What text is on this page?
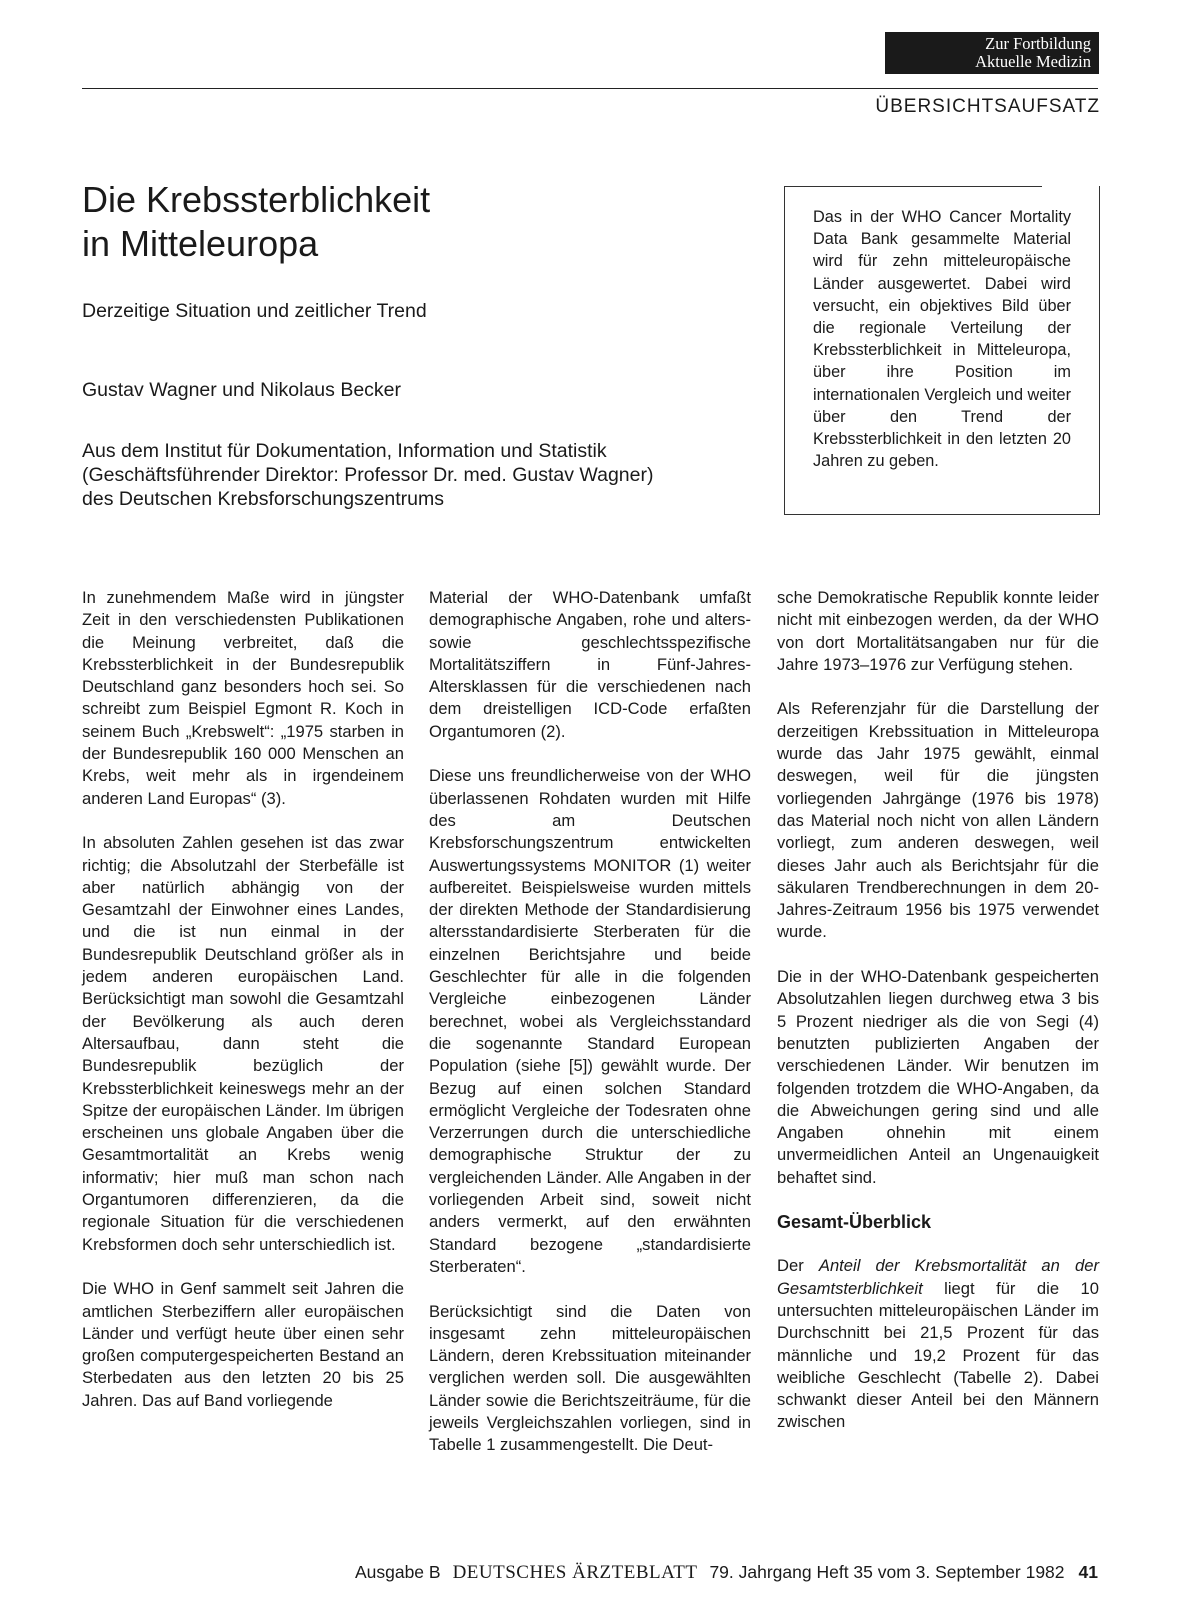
Zur Fortbildung
Aktuelle Medizin
ÜBERSICHTSAUFSATZ
Die Krebssterblichkeit
in Mitteleuropa
Derzeitige Situation und zeitlicher Trend
Gustav Wagner und Nikolaus Becker
Aus dem Institut für Dokumentation, Information und Statistik
(Geschäftsführender Direktor: Professor Dr. med. Gustav Wagner)
des Deutschen Krebsforschungszentrums
Das in der WHO Cancer Mortality Data Bank gesammelte Material wird für zehn mitteleuropäische Länder ausgewertet. Dabei wird versucht, ein objektives Bild über die regionale Verteilung der Krebssterblichkeit in Mitteleuropa, über ihre Position im internationalen Vergleich und weiter über den Trend der Krebssterblichkeit in den letzten 20 Jahren zu geben.

In zunehmendem Maße wird in jüngster Zeit in den verschiedensten Publikationen die Meinung verbreitet, daß die Krebssterblichkeit in der Bundesrepublik Deutschland ganz besonders hoch sei. So schreibt zum Beispiel Egmont R. Koch in seinem Buch „Krebswelt“: „1975 starben in der Bundesrepublik 160 000 Menschen an Krebs, weit mehr als in irgendeinem anderen Land Europas“ (3).

In absoluten Zahlen gesehen ist das zwar richtig; die Absolutzahl der Sterbefälle ist aber natürlich abhängig von der Gesamtzahl der Einwohner eines Landes, und die ist nun einmal in der Bundesrepublik Deutschland größer als in jedem anderen europäischen Land. Berücksichtigt man sowohl die Gesamtzahl der Bevölkerung als auch deren Altersaufbau, dann steht die Bundesrepublik bezüglich der Krebssterblichkeit keineswegs mehr an der Spitze der europäischen Länder. Im übrigen erscheinen uns globale Angaben über die Gesamtmortalität an Krebs wenig informativ; hier muß man schon nach Organtumoren differenzieren, da die regionale Situation für die verschiedenen Krebsformen doch sehr unterschiedlich ist.

Die WHO in Genf sammelt seit Jahren die amtlichen Sterbeziffern aller europäischen Länder und verfügt heute über einen sehr großen computergespeicherten Bestand an Sterbedaten aus den letzten 20 bis 25 Jahren. Das auf Band vorliegende

Material der WHO-Datenbank umfaßt demographische Angaben, rohe und alters- sowie geschlechtsspezifische Mortalitätsziffern in Fünf-Jahres-Altersklassen für die verschiedenen nach dem dreistelligen ICD-Code erfaßten Organtumoren (2).

Diese uns freundlicherweise von der WHO überlassenen Rohdaten wurden mit Hilfe des am Deutschen Krebsforschungszentrum entwickelten Auswertungssystems MONITOR (1) weiter aufbereitet. Beispielsweise wurden mittels der direkten Methode der Standardisierung altersstandardisierte Sterberaten für die einzelnen Berichtsjahre und beide Geschlechter für alle in die folgenden Vergleiche einbezogenen Länder berechnet, wobei als Vergleichsstandard die sogenannte Standard European Population (siehe [5]) gewählt wurde. Der Bezug auf einen solchen Standard ermöglicht Vergleiche der Todesraten ohne Verzerrungen durch die unterschiedliche demographische Struktur der zu vergleichenden Länder. Alle Angaben in der vorliegenden Arbeit sind, soweit nicht anders vermerkt, auf den erwähnten Standard bezogene „standardisierte Sterberaten“.

Berücksichtigt sind die Daten von insgesamt zehn mitteleuropäischen Ländern, deren Krebssituation miteinander verglichen werden soll. Die ausgewählten Länder sowie die Berichtszeiträume, für die jeweils Vergleichszahlen vorliegen, sind in Tabelle 1 zusammengestellt. Die Deut-

sche Demokratische Republik konnte leider nicht mit einbezogen werden, da der WHO von dort Mortalitätsangaben nur für die Jahre 1973–1976 zur Verfügung stehen.

Als Referenzjahr für die Darstellung der derzeitigen Krebssituation in Mitteleuropa wurde das Jahr 1975 gewählt, einmal deswegen, weil für die jüngsten vorliegenden Jahrgänge (1976 bis 1978) das Material noch nicht von allen Ländern vorliegt, zum anderen deswegen, weil dieses Jahr auch als Berichtsjahr für die säkularen Trendberechnungen in dem 20-Jahres-Zeitraum 1956 bis 1975 verwendet wurde.

Die in der WHO-Datenbank gespeicherten Absolutzahlen liegen durchweg etwa 3 bis 5 Prozent niedriger als die von Segi (4) benutzten publizierten Angaben der verschiedenen Länder. Wir benutzen im folgenden trotzdem die WHO-Angaben, da die Abweichungen gering sind und alle Angaben ohnehin mit einem unvermeidlichen Anteil an Ungenauigkeit behaftet sind.

Gesamt-Überblick

Der Anteil der Krebsmortalität an der Gesamtsterblichkeit liegt für die 10 untersuchten mitteleuropäischen Länder im Durchschnitt bei 21,5 Prozent für das männliche und 19,2 Prozent für das weibliche Geschlecht (Tabelle 2). Dabei schwankt dieser Anteil bei den Männern zwischen

Ausgabe B DEUTSCHES ÄRZTEBLATT 79. Jahrgang Heft 35 vom 3. September 1982 41
